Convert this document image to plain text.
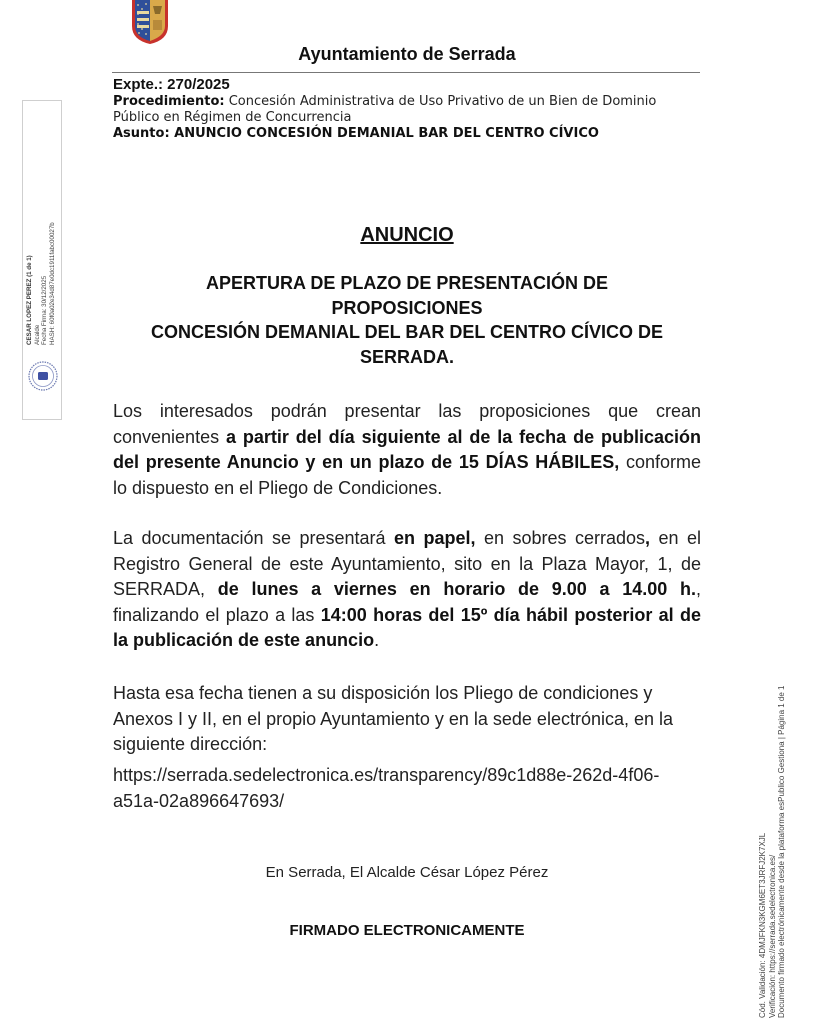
Ayuntamiento de Serrada
Expte.: 270/2025
Procedimiento: Concesión Administrativa de Uso Privativo de un Bien de Dominio Público en Régimen de Concurrencia
Asunto: ANUNCIO CONCESIÓN DEMANIAL BAR DEL CENTRO CÍVICO
CESAR LOPEZ PEREZ (1 de 1) Alcalde Fecha Firma: 30/12/2025 HASH: 60f0a02e34d87e0dc1911fabc00027b
Cód. Validación: 4DMJFKN3KGM6ET3JRFJ2K7XJL Verificación: https://serrada.sedelectronica.es/ Documento firmado electrónicamente desde la plataforma esPublico Gestiona | Página 1 de 1
ANUNCIO
APERTURA DE PLAZO DE PRESENTACIÓN DE
PROPOSICIONES
CONCESIÓN DEMANIAL DEL BAR DEL CENTRO CÍVICO DE
SERRADA.
Los interesados podrán presentar las proposiciones que crean convenientes a partir del día siguiente al de la fecha de publicación del presente Anuncio y en un plazo de 15 DÍAS HÁBILES, conforme lo dispuesto en el Pliego de Condiciones.
La documentación se presentará en papel, en sobres cerrados, en el Registro General de este Ayuntamiento, sito en la Plaza Mayor, 1, de SERRADA, de lunes a viernes en horario de 9.00 a 14.00 h., finalizando el plazo a las 14:00 horas del 15º día hábil posterior al de la publicación de este anuncio.
Hasta esa fecha tienen a su disposición los Pliego de condiciones y Anexos I y II, en el propio Ayuntamiento y en la sede electrónica, en la siguiente dirección:
https://serrada.sedelectronica.es/transparency/89c1d88e-262d-4f06-
a51a-02a896647693/
En Serrada, El Alcalde César López Pérez
FIRMADO ELECTRONICAMENTE
